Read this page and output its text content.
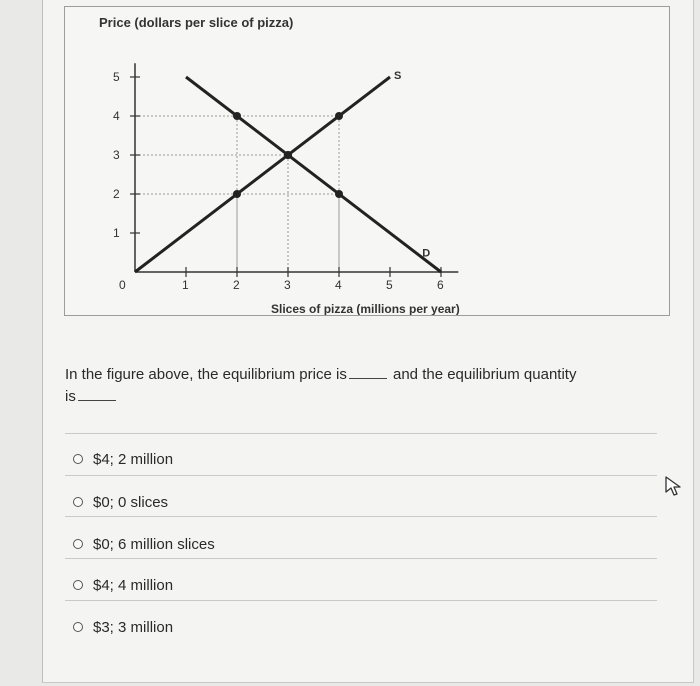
Price (dollars per slice of pizza)
Slices of pizza (millions per year)
1
2
3
4
5
0	1	2	3	4	5	6
S
D
In the figure above, the equilibrium price is	and the equilibrium quantity is
$4; 2 million
$0; 0 slices
$0; 6 million slices
$4; 4 million
$3; 3 million
